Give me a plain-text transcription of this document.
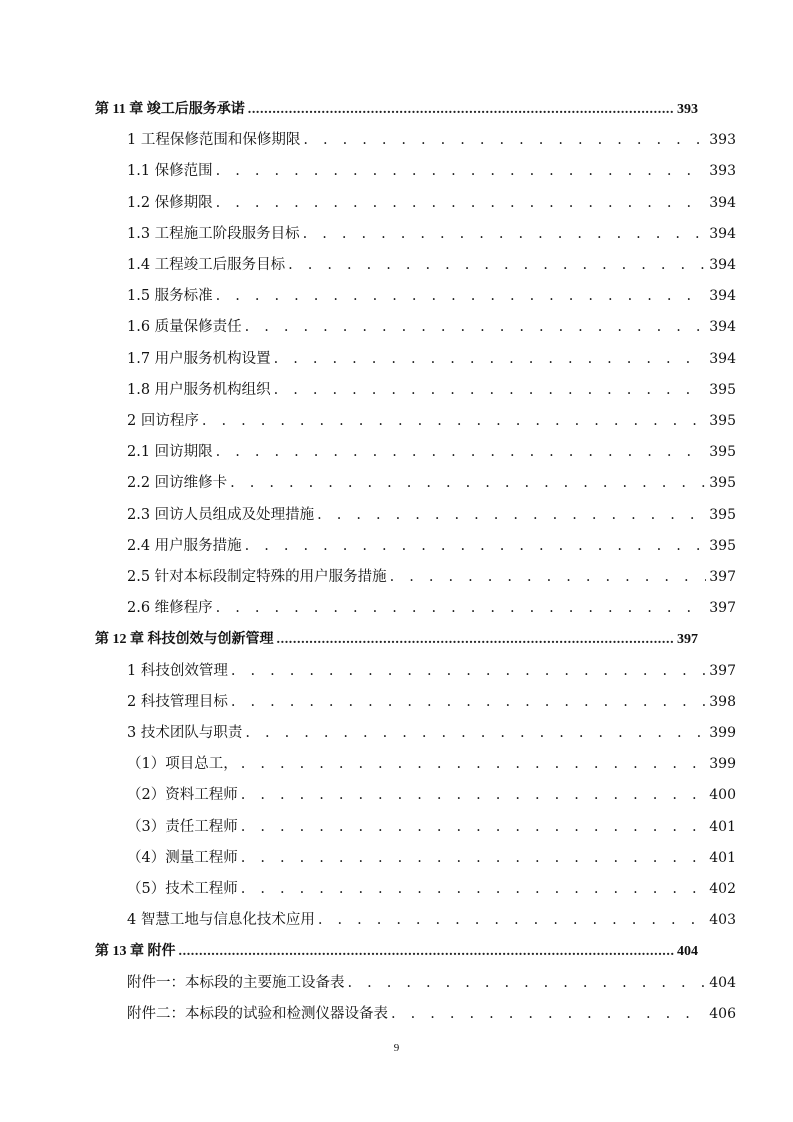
第 11 章 竣工后服务承诺 .....	393
1 工程保修范围和保修期限 . . .	393
1.1 保修范围 . . .	393
1.2 保修期限 . . .	394
1.3 工程施工阶段服务目标 . . .	394
1.4 工程竣工后服务目标 . . .	394
1.5 服务标准 . . .	394
1.6 质量保修责任 . . .	394
1.7 用户服务机构设置 . . .	394
1.8 用户服务机构组织 . . .	395
2 回访程序 . . .	395
2.1 回访期限 . . .	395
2.2 回访维修卡 . . .	395
2.3 回访人员组成及处理措施 . . .	395
2.4 用户服务措施 . . .	395
2.5 针对本标段制定特殊的用户服务措施 . . .	397
2.6 维修程序 . . .	397
第 12 章 科技创效与创新管理 .....	397
1 科技创效管理 . . .	397
2 科技管理目标 . . .	398
3 技术团队与职责 . . .	399
（1）项目总工， . . .	399
（2）资料工程师 . . .	400
（3）责任工程师 . . .	401
（4）测量工程师 . . .	401
（5）技术工程师 . . .	402
4 智慧工地与信息化技术应用 . . .	403
第 13 章 附件 .....	404
附件一：本标段的主要施工设备表 . . .	404
附件二：本标段的试验和检测仪器设备表 . . .	406
9
